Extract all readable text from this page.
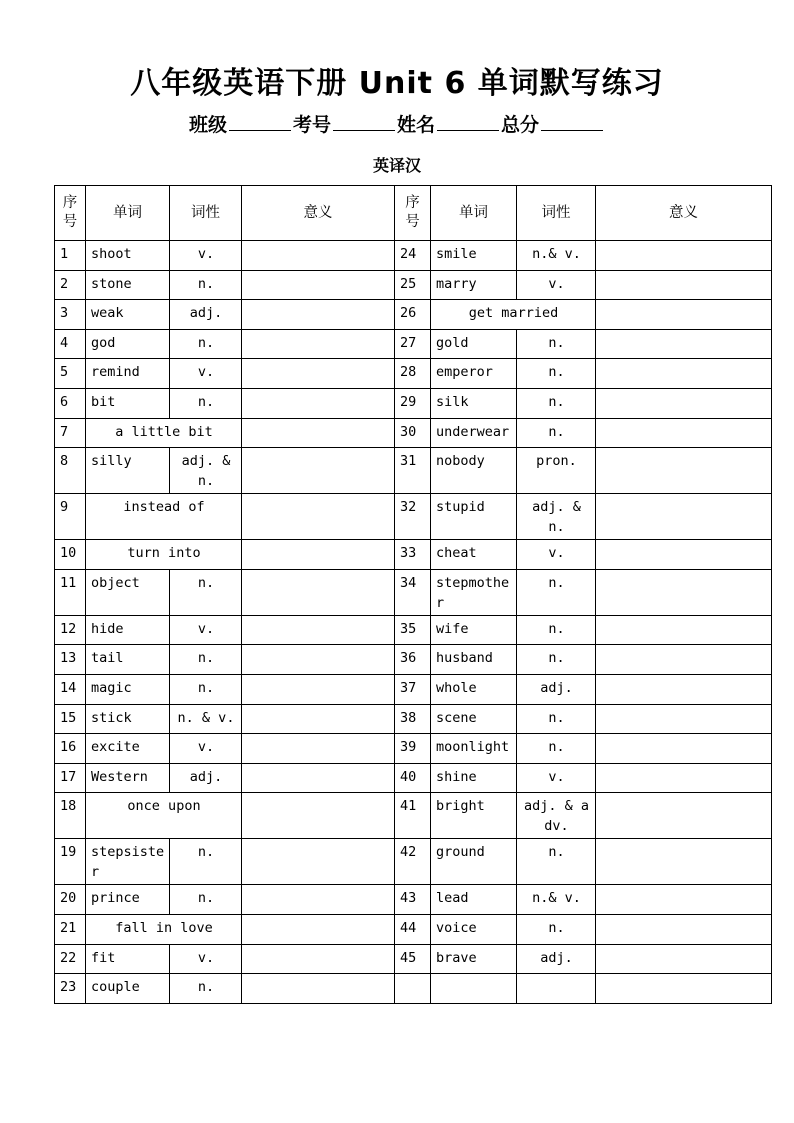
八年级英语下册 Unit 6 单词默写练习
班级	考号	姓名	总分
英译汉
序号	单词	词性	意义	序号	单词	词性	意义
1	shoot	v.		24	smile	n.& v.	
2	stone	n.		25	marry	v.	
3	weak	adj.		26	get married		
4	god	n.		27	gold	n.	
5	remind	v.		28	emperor	n.	
6	bit	n.		29	silk	n.	
7	a little bit			30	underwear	n.	
8	silly	adj. & n.		31	nobody	pron.	
9	instead of			32	stupid	adj. & n.	
10	turn into			33	cheat	v.	
11	object	n.		34	stepmother	n.	
12	hide	v.		35	wife	n.	
13	tail	n.		36	husband	n.	
14	magic	n.		37	whole	adj.	
15	stick	n. & v.		38	scene	n.	
16	excite	v.		39	moonlight	n.	
17	Western	adj.		40	shine	v.	
18	once upon			41	bright	adj. & adv.	
19	stepsister	n.		42	ground	n.	
20	prince	n.		43	lead	n.& v.	
21	fall in love			44	voice	n.	
22	fit	v.		45	brave	adj.	
23	couple	n.					
